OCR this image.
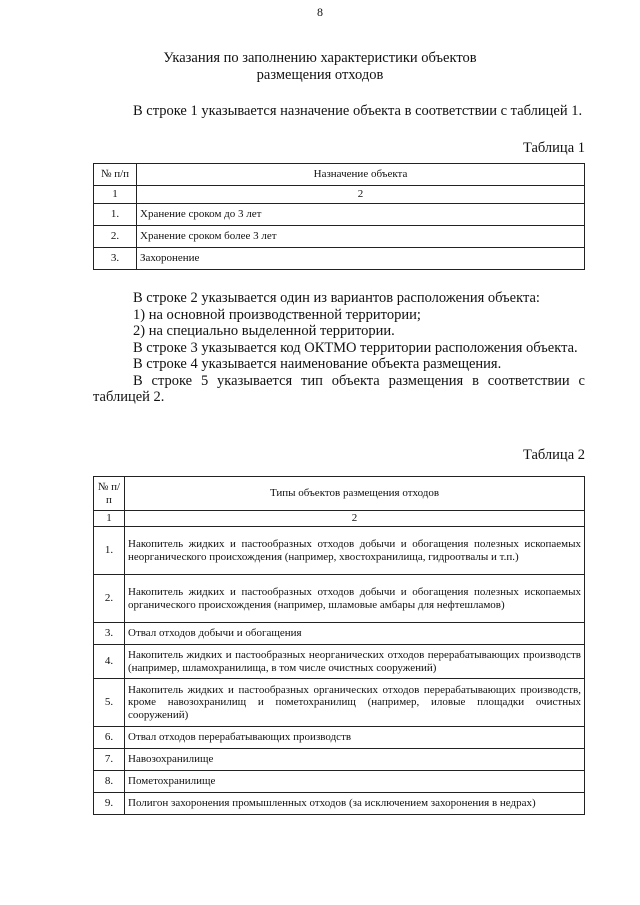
8
Указания по заполнению характеристики объектов
размещения отходов

В строке 1 указывается назначение объекта в соответствии с таблицей 1.

Таблица 1
№ п/п	Назначение объекта
1	2
1.	Хранение сроком до 3 лет
2.	Хранение сроком более 3 лет
3.	Захоронение

В строке 2 указывается один из вариантов расположения объекта:

1) на основной производственной территории;

2) на специально выделенной территории.

В строке 3 указывается код ОКТМО территории расположения объекта.

В строке 4 указывается наименование объекта размещения.

В строке 5 указывается тип объекта размещения в соответствии с таблицей 2.

Таблица 2
№ п/п	Типы объектов размещения отходов
1	2
1.	Накопитель жидких и пастообразных отходов добычи и обогащения полезных ископаемых неорганического происхождения (например, хвостохранилища, гидроотвалы и т.п.)
2.	Накопитель жидких и пастообразных отходов добычи и обогащения полезных ископаемых органического происхождения (например, шламовые амбары для нефтешламов)
3.	Отвал отходов добычи и обогащения
4.	Накопитель жидких и пастообразных неорганических отходов перерабатывающих производств (например, шламохранилища, в том числе очистных сооружений)
5.	Накопитель жидких и пастообразных органических отходов перерабатывающих производств, кроме навозохранилищ и пометохранилищ (например, иловые площадки очистных сооружений)
6.	Отвал отходов перерабатывающих производств
7.	Навозохранилище
8.	Пометохранилище
9.	Полигон захоронения промышленных отходов (за исключением захоронения в недрах)
